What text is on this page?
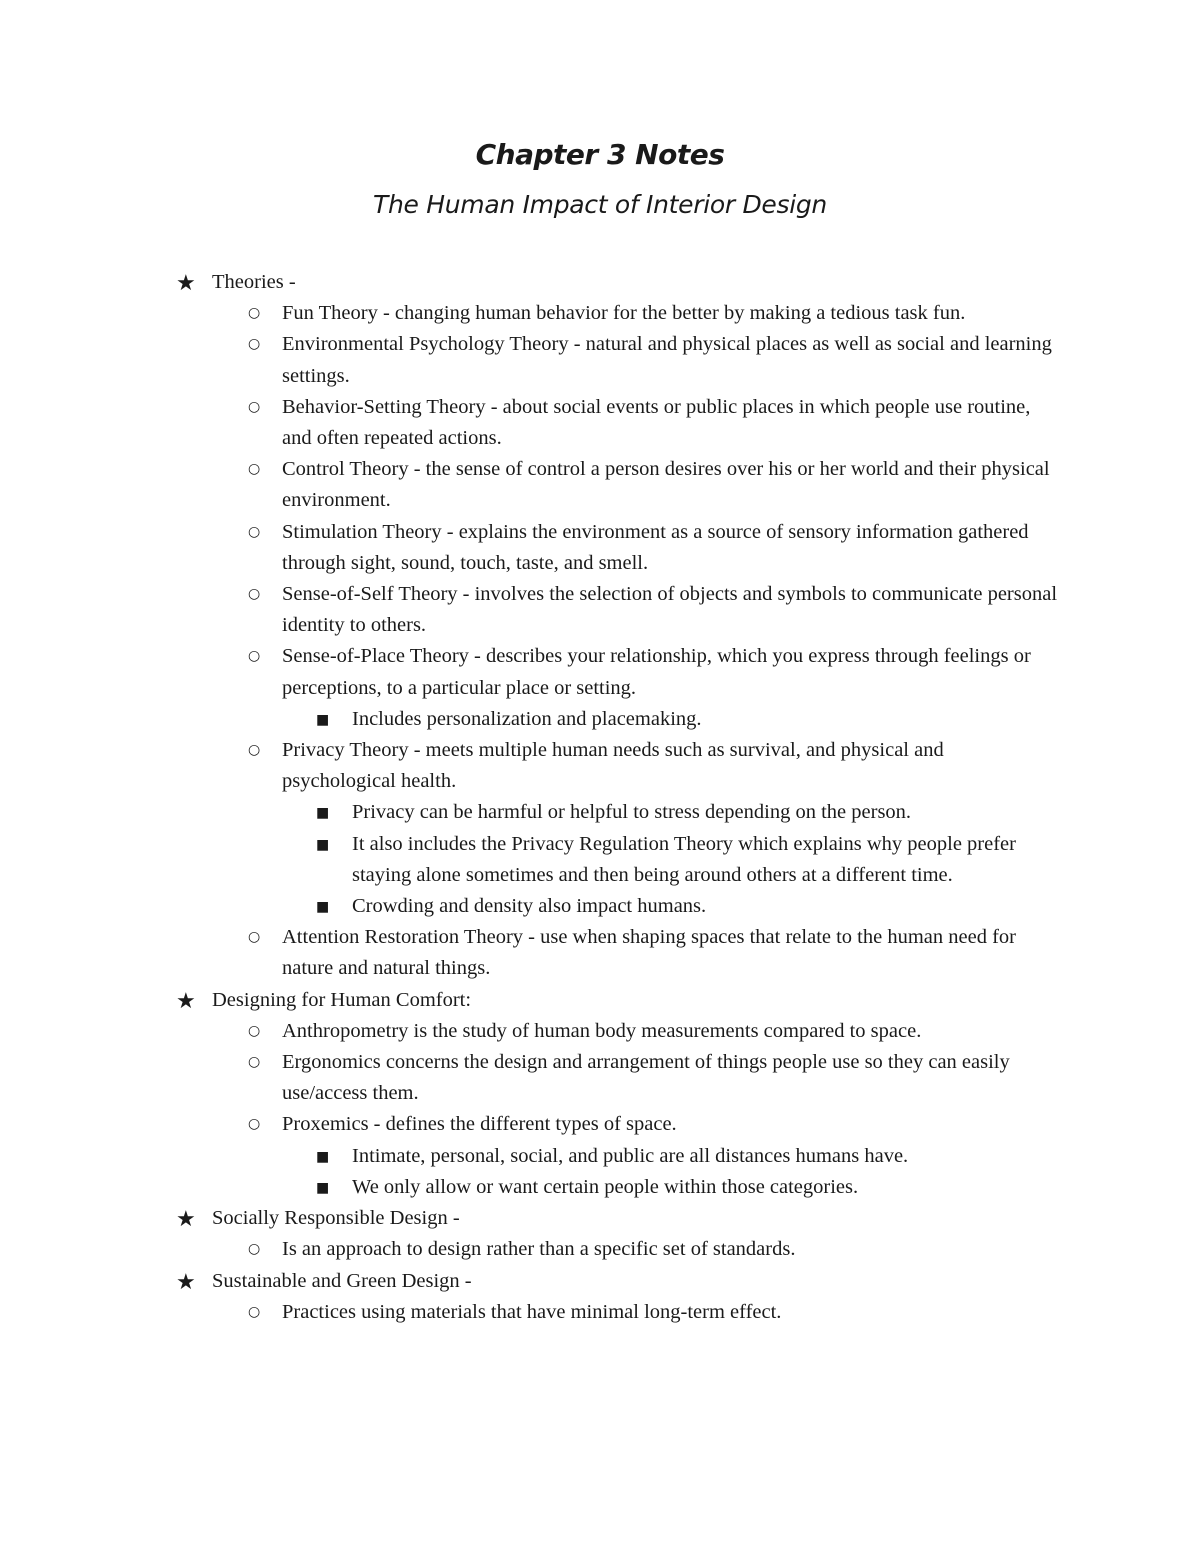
Chapter 3 Notes
The Human Impact of Interior Design
★ Theories -
○ Fun Theory - changing human behavior for the better by making a tedious task fun.
○ Environmental Psychology Theory - natural and physical places as well as social and learning settings.
○ Behavior-Setting Theory - about social events or public places in which people use routine, and often repeated actions.
○ Control Theory - the sense of control a person desires over his or her world and their physical environment.
○ Stimulation Theory - explains the environment as a source of sensory information gathered through sight, sound, touch, taste, and smell.
○ Sense-of-Self Theory - involves the selection of objects and symbols to communicate personal identity to others.
○ Sense-of-Place Theory - describes your relationship, which you express through feelings or perceptions, to a particular place or setting.
■ Includes personalization and placemaking.
○ Privacy Theory - meets multiple human needs such as survival, and physical and psychological health.
■ Privacy can be harmful or helpful to stress depending on the person.
■ It also includes the Privacy Regulation Theory which explains why people prefer staying alone sometimes and then being around others at a different time.
■ Crowding and density also impact humans.
○ Attention Restoration Theory - use when shaping spaces that relate to the human need for nature and natural things.
★ Designing for Human Comfort:
○ Anthropometry is the study of human body measurements compared to space.
○ Ergonomics concerns the design and arrangement of things people use so they can easily use/access them.
○ Proxemics - defines the different types of space.
■ Intimate, personal, social, and public are all distances humans have.
■ We only allow or want certain people within those categories.
★ Socially Responsible Design -
○ Is an approach to design rather than a specific set of standards.
★ Sustainable and Green Design -
○ Practices using materials that have minimal long-term effect.
